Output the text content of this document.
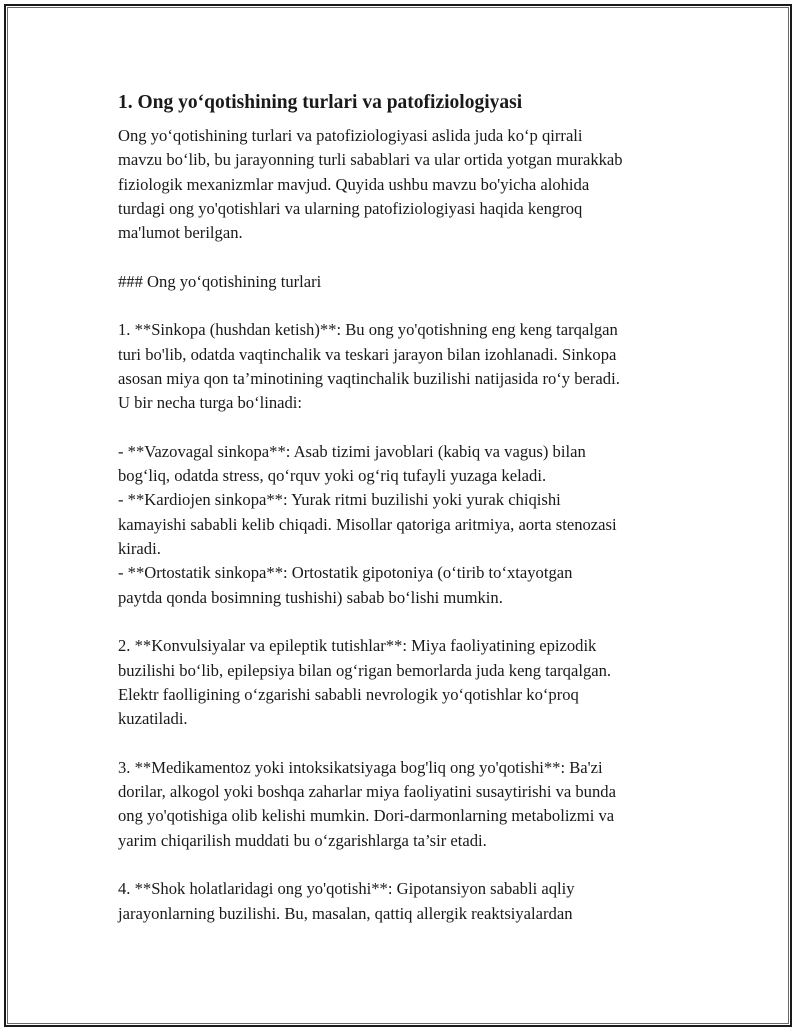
1. Ong yo‘qotishining turlari va patofiziologiyasi

Ong yo‘qotishining turlari va patofiziologiyasi aslida juda ko‘p qirrali
mavzu bo‘lib, bu jarayonning turli sabablari va ular ortida yotgan murakkab
fiziologik mexanizmlar mavjud. Quyida ushbu mavzu bo'yicha alohida
turdagi ong yo'qotishlari va ularning patofiziologiyasi haqida kengroq
ma'lumot berilgan.

### Ong yo‘qotishining turlari

1. **Sinkopa (hushdan ketish)**: Bu ong yo'qotishning eng keng tarqalgan
turi bo'lib, odatda vaqtinchalik va teskari jarayon bilan izohlanadi. Sinkopa
asosan miya qon ta’minotining vaqtinchalik buzilishi natijasida ro‘y beradi.
U bir necha turga bo‘linadi:

- **Vazovagal sinkopa**: Asab tizimi javoblari (kabiq va vagus) bilan
bog‘liq, odatda stress, qo‘rquv yoki og‘riq tufayli yuzaga keladi.
- **Kardiojen sinkopa**: Yurak ritmi buzilishi yoki yurak chiqishi
kamayishi sababli kelib chiqadi. Misollar qatoriga aritmiya, aorta stenozasi
kiradi.
- **Ortostatik sinkopa**: Ortostatik gipotoniya (o‘tirib to‘xtayotgan
paytda qonda bosimning tushishi) sabab bo‘lishi mumkin.

2. **Konvulsiyalar va epileptik tutishlar**: Miya faoliyatining epizodik
buzilishi bo‘lib, epilepsiya bilan og‘rigan bemorlarda juda keng tarqalgan.
Elektr faolligining o‘zgarishi sababli nevrologik yo‘qotishlar ko‘proq
kuzatiladi.

3. **Medikamentoz yoki intoksikatsiyaga bog'liq ong yo'qotishi**: Ba'zi
dorilar, alkogol yoki boshqa zaharlar miya faoliyatini susaytirishi va bunda
ong yo'qotishiga olib kelishi mumkin. Dori-darmonlarning metabolizmi va
yarim chiqarilish muddati bu o‘zgarishlarga ta’sir etadi.

4. **Shok holatlaridagi ong yo'qotishi**: Gipotansiyon sababli aqliy
jarayonlarning buzilishi. Bu, masalan, qattiq allergik reaktsiyalardan
